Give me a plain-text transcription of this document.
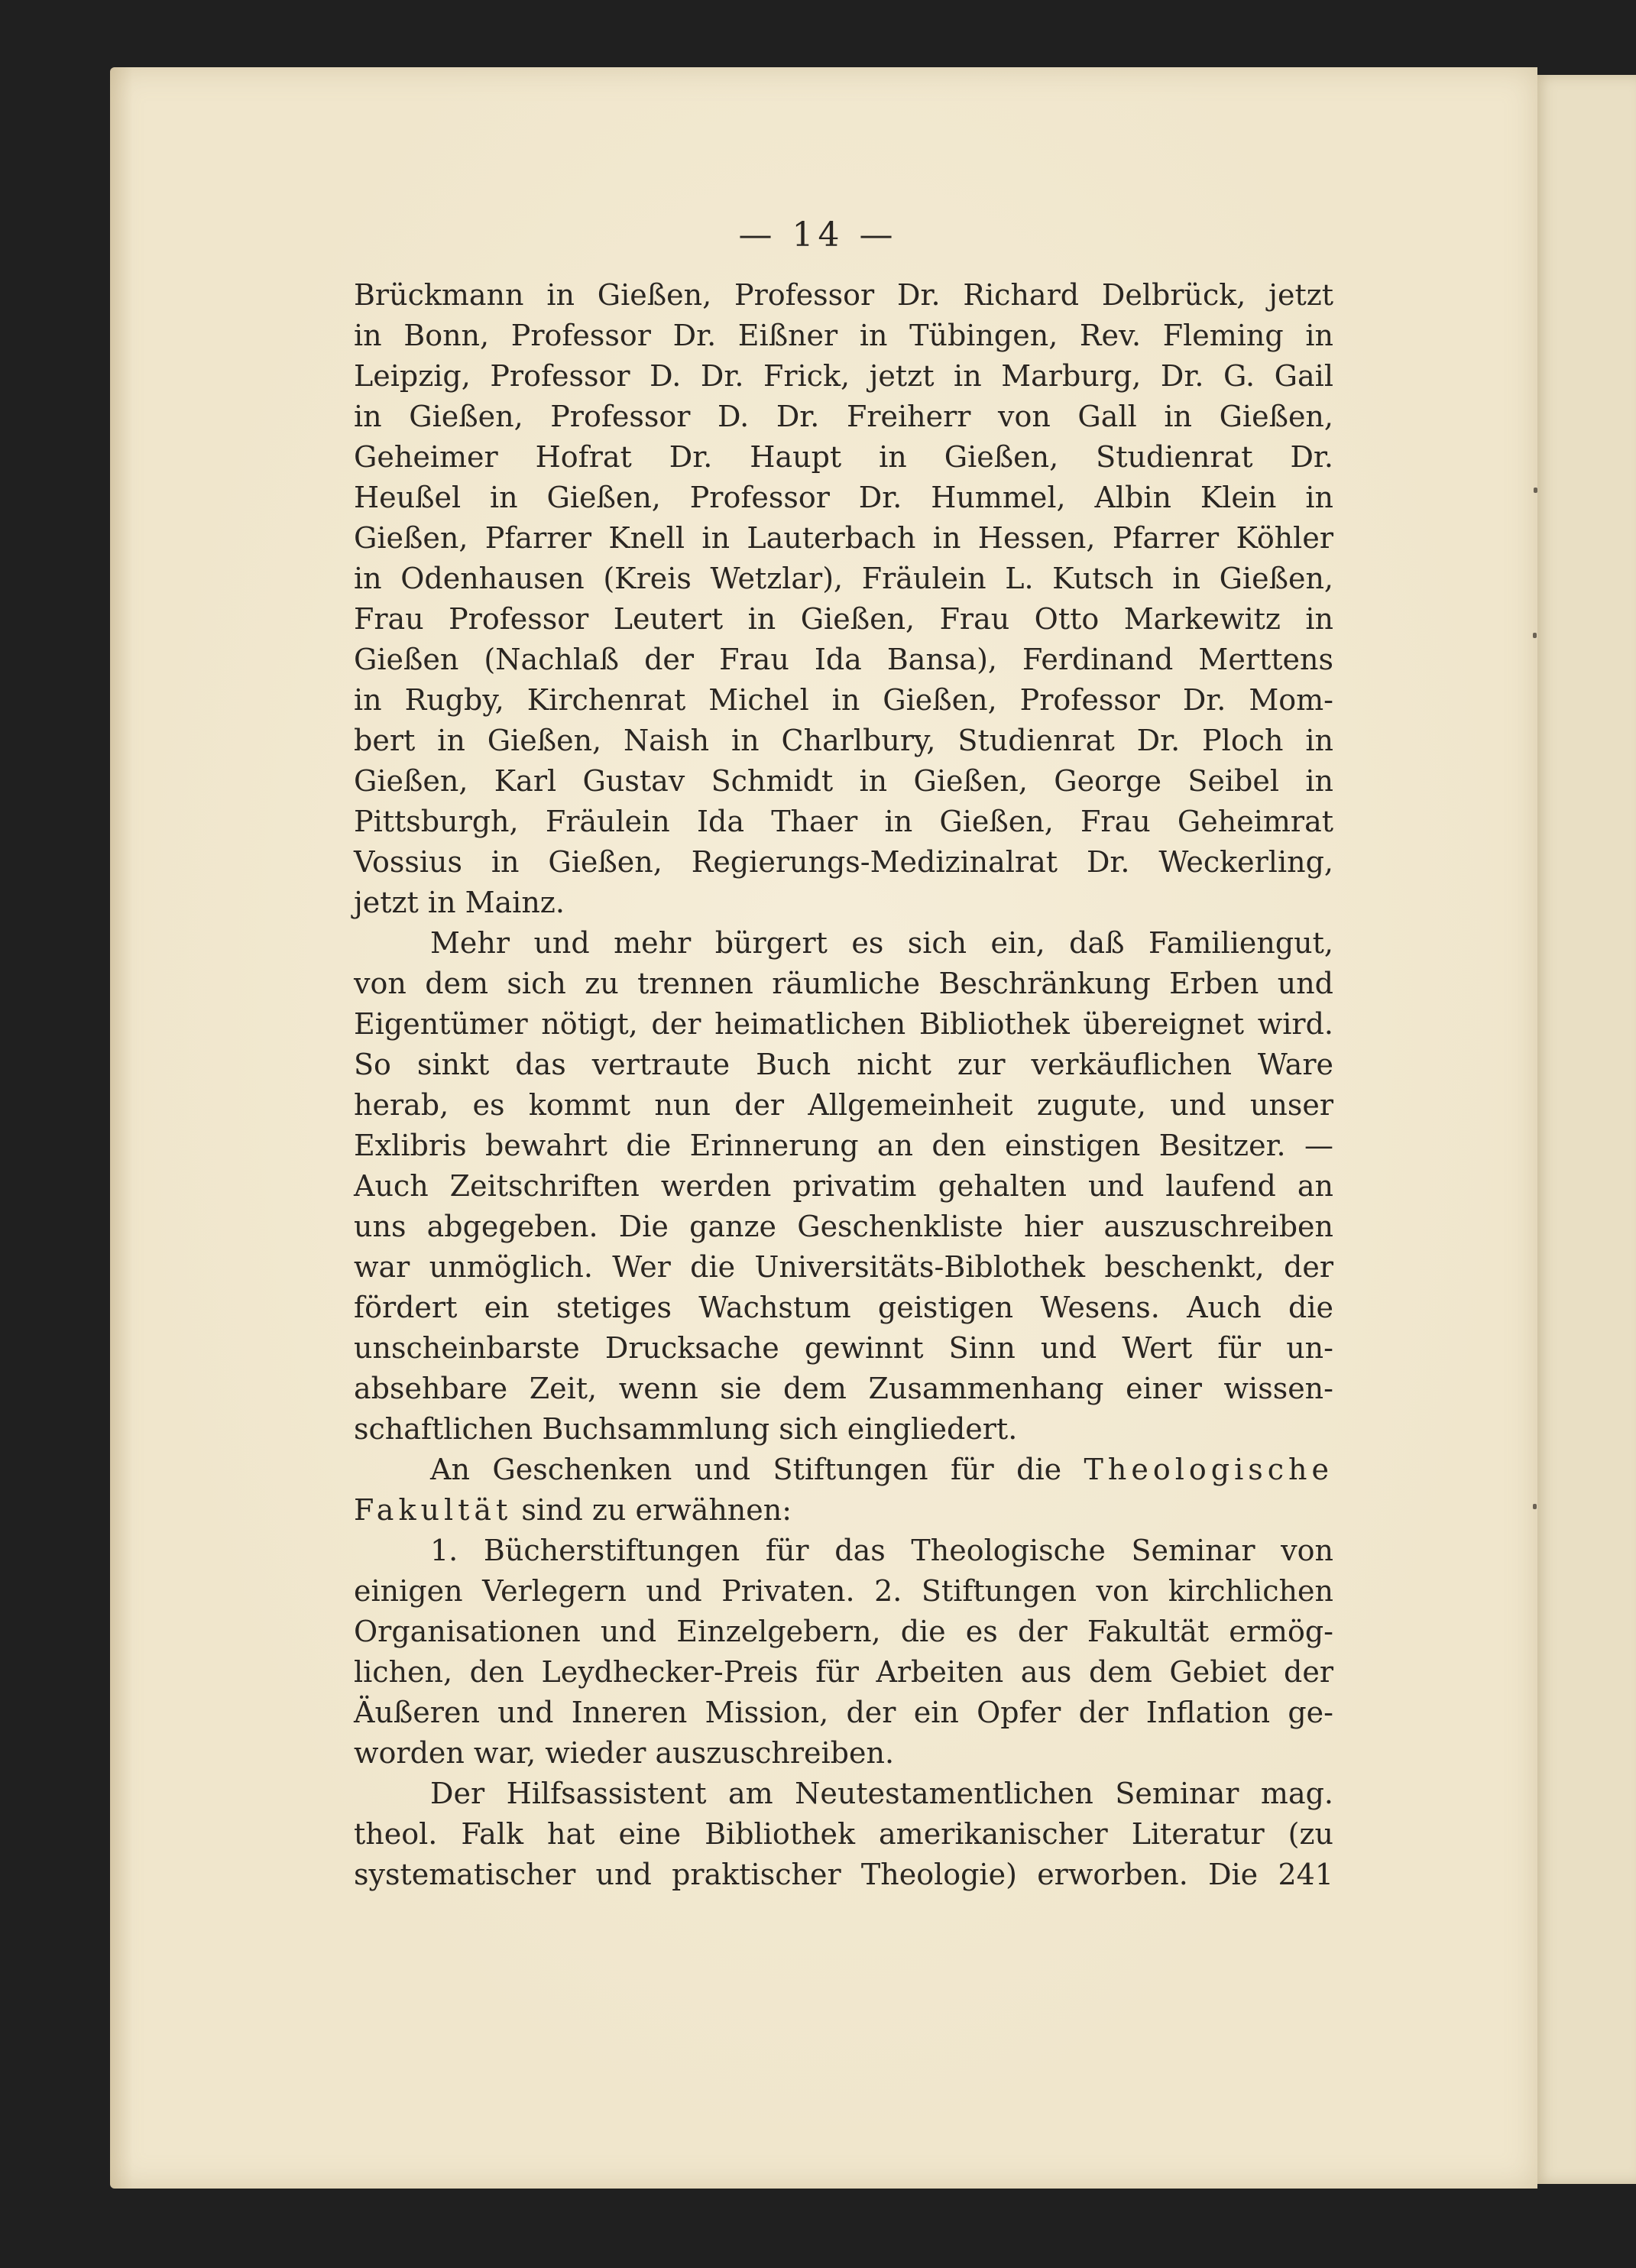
— 14 —
Brückmann in Gießen, Professor Dr. Richard Delbrück, jetzt
in Bonn, Professor Dr. Eißner in Tübingen, Rev. Fleming in
Leipzig, Professor D. Dr. Frick, jetzt in Marburg, Dr. G. Gail
in Gießen, Professor D. Dr. Freiherr von Gall in Gießen,
Geheimer Hofrat Dr. Haupt in Gießen, Studienrat Dr.
Heußel in Gießen, Professor Dr. Hummel, Albin Klein in
Gießen, Pfarrer Knell in Lauterbach in Hessen, Pfarrer Köhler
in Odenhausen (Kreis Wetzlar), Fräulein L. Kutsch in Gießen,
Frau Professor Leutert in Gießen, Frau Otto Markewitz in
Gießen (Nachlaß der Frau Ida Bansa), Ferdinand Merttens
in Rugby, Kirchenrat Michel in Gießen, Professor Dr. Mom-
bert in Gießen, Naish in Charlbury, Studienrat Dr. Ploch in
Gießen, Karl Gustav Schmidt in Gießen, George Seibel in
Pittsburgh, Fräulein Ida Thaer in Gießen, Frau Geheimrat
Vossius in Gießen, Regierungs-Medizinalrat Dr. Weckerling,
jetzt in Mainz.
Mehr und mehr bürgert es sich ein, daß Familiengut,
von dem sich zu trennen räumliche Beschränkung Erben und
Eigentümer nötigt, der heimatlichen Bibliothek übereignet wird.
So sinkt das vertraute Buch nicht zur verkäuflichen Ware
herab, es kommt nun der Allgemeinheit zugute, und unser
Exlibris bewahrt die Erinnerung an den einstigen Besitzer. —
Auch Zeitschriften werden privatim gehalten und laufend an
uns abgegeben. Die ganze Geschenkliste hier auszuschreiben
war unmöglich. Wer die Universitäts-Biblothek beschenkt, der
fördert ein stetiges Wachstum geistigen Wesens. Auch die
unscheinbarste Drucksache gewinnt Sinn und Wert für un-
absehbare Zeit, wenn sie dem Zusammenhang einer wissen-
schaftlichen Buchsammlung sich eingliedert.
An Geschenken und Stiftungen für die Theologische
Fakultät sind zu erwähnen:
1. Bücherstiftungen für das Theologische Seminar von
einigen Verlegern und Privaten. 2. Stiftungen von kirchlichen
Organisationen und Einzelgebern, die es der Fakultät ermög-
lichen, den Leydhecker-Preis für Arbeiten aus dem Gebiet der
Äußeren und Inneren Mission, der ein Opfer der Inflation ge-
worden war, wieder auszuschreiben.
Der Hilfsassistent am Neutestamentlichen Seminar mag.
theol. Falk hat eine Bibliothek amerikanischer Literatur (zu
systematischer und praktischer Theologie) erworben. Die 241
